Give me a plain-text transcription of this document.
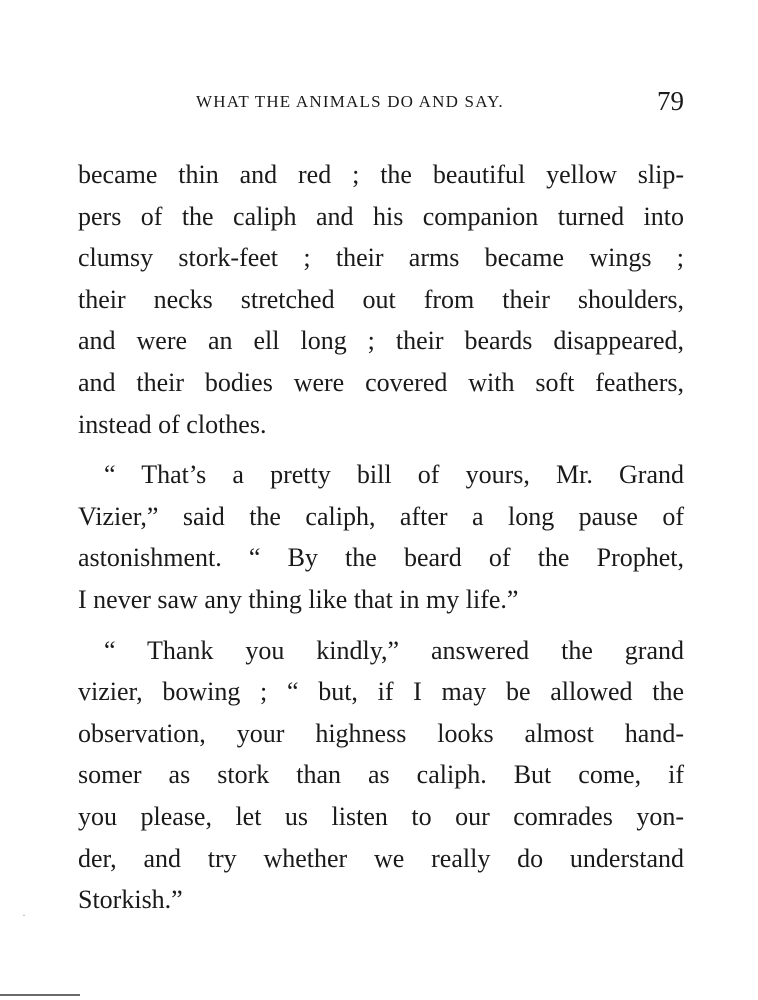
WHAT THE ANIMALS DO AND SAY.	79
became thin and red ; the beautiful yellow slip-
pers of the caliph and his companion turned into
clumsy stork-feet ; their arms became wings ;
their necks stretched out from their shoulders,
and were an ell long ; their beards disappeared,
and their bodies were covered with soft feathers,
instead of clothes.
“ That’s a pretty bill of yours, Mr. Grand
Vizier,” said the caliph, after a long pause of
astonishment. “ By the beard of the Prophet,
I never saw any thing like that in my life.”
“ Thank you kindly,” answered the grand
vizier, bowing ; “ but, if I may be allowed the
observation, your highness looks almost hand-
somer as stork than as caliph. But come, if
you please, let us listen to our comrades yon-
der, and try whether we really do understand
Storkish.”
·
